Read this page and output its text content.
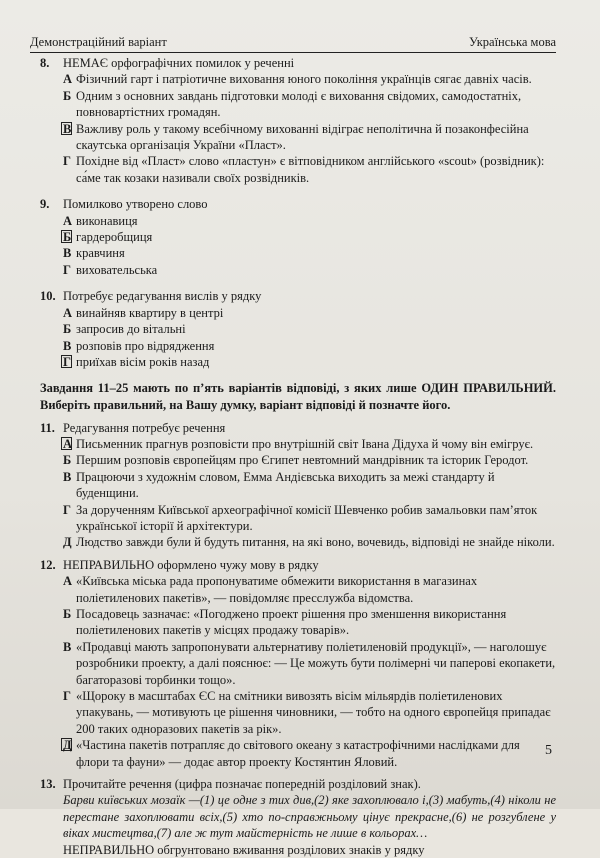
Демонстраційний варіант	Українська мова
8.	НЕМАЄ орфографічних помилок у реченні
А Фізичний гарт і патріотичне виховання юного покоління українців сягає давніх часів.
Б Одним з основних завдань підготовки молоді є виховання свідомих, самодостатніх, повновартістних громадян.
В Важливу роль у такому всебічному вихованні відіграє неполітична й позаконфесійна скаутська організація України «Пласт».
Г Похідне від «Пласт» слово «пластун» є вітповідником англійського «scout» (розвідник): са́ме так козаки називали своїх розвідників.
9.	Помилково утворено слово
А виконавиця
Б гардеробщиця
В кравчиня
Г виховательська
10. Потребує редагування вислів у рядку
А винайняв квартиру в центрі
Б запросив до вітальні
В розповів про відрядження
Г приїхав вісім років назад
Завдання 11–25 мають по п’ять варіантів відповіді, з яких лише ОДИН ПРАВИЛЬНИЙ. Виберіть правильний, на Вашу думку, варіант відповіді й позначте його.
11. Редагування потребує речення
А Письменник прагнув розповісти про внутрішній світ Івана Дідуха й чому він емігрує.
Б Першим розповів європейцям про Єгипет невтомний мандрівник та історик Геродот.
В Працюючи з художнім словом, Емма Андієвська виходить за межі стандарту й буденщини.
Г За дорученням Київської археографічної комісії Шевченко робив замальовки пам’яток української історії й архітектури.
Д Людство завжди були й будуть питання, на які воно, вочевидь, відповіді не знайде ніколи.
12. НЕПРАВИЛЬНО оформлено чужу мову в рядку
А «Київська міська рада пропонуватиме обмежити використання в магазинах поліетиленових пакетів», — повідомляє пресслужба відомства.
Б Посадовець зазначає: «Погоджено проект рішення про зменшення використання поліетиленових пакетів у місцях продажу товарів».
В «Продавці мають запропонувати альтернативу поліетиленовій продукції», — наголошує розробники проекту, а далі пояснює: — Це можуть бути полімерні чи паперові екопакети, багаторазові торбинки тощо».
Г «Щороку в масштабах ЄС на смітники вивозять вісім мільярдів поліетиленових упакувань, — мотивують це рішення чиновники, — тобто на одного європейця припадає 200 таких одноразових пакетів за рік».
Д «Частина пакетів потрапляє до світового океану з катастрофічними наслідками для флори та фауни» — додає автор проекту Костянтин Яловий.
13. Прочитайте речення (цифра позначає попередній розділовий знак).
Барви київських мозаїк —(1) це одне з тих див,(2) яке захоплювало і,(3) мабуть,(4) ніколи не перестане захоплювати всіх,(5) хто по-справжньому цінує прекрасне,(6) не розгублене у віках мистецтва,(7) але ж тут майстерність не лише в кольорах…
НЕПРАВИЛЬНО обгрунтовано вживання розділових знаків у рядку
5
